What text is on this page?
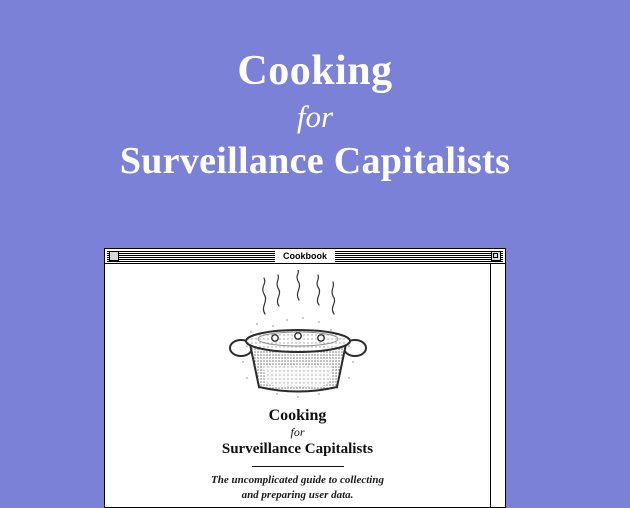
Cooking
for
Surveillance Capitalists
Cookbook
Cooking
for
Surveillance Capitalists
The uncomplicated guide to collecting
and preparing user data.
